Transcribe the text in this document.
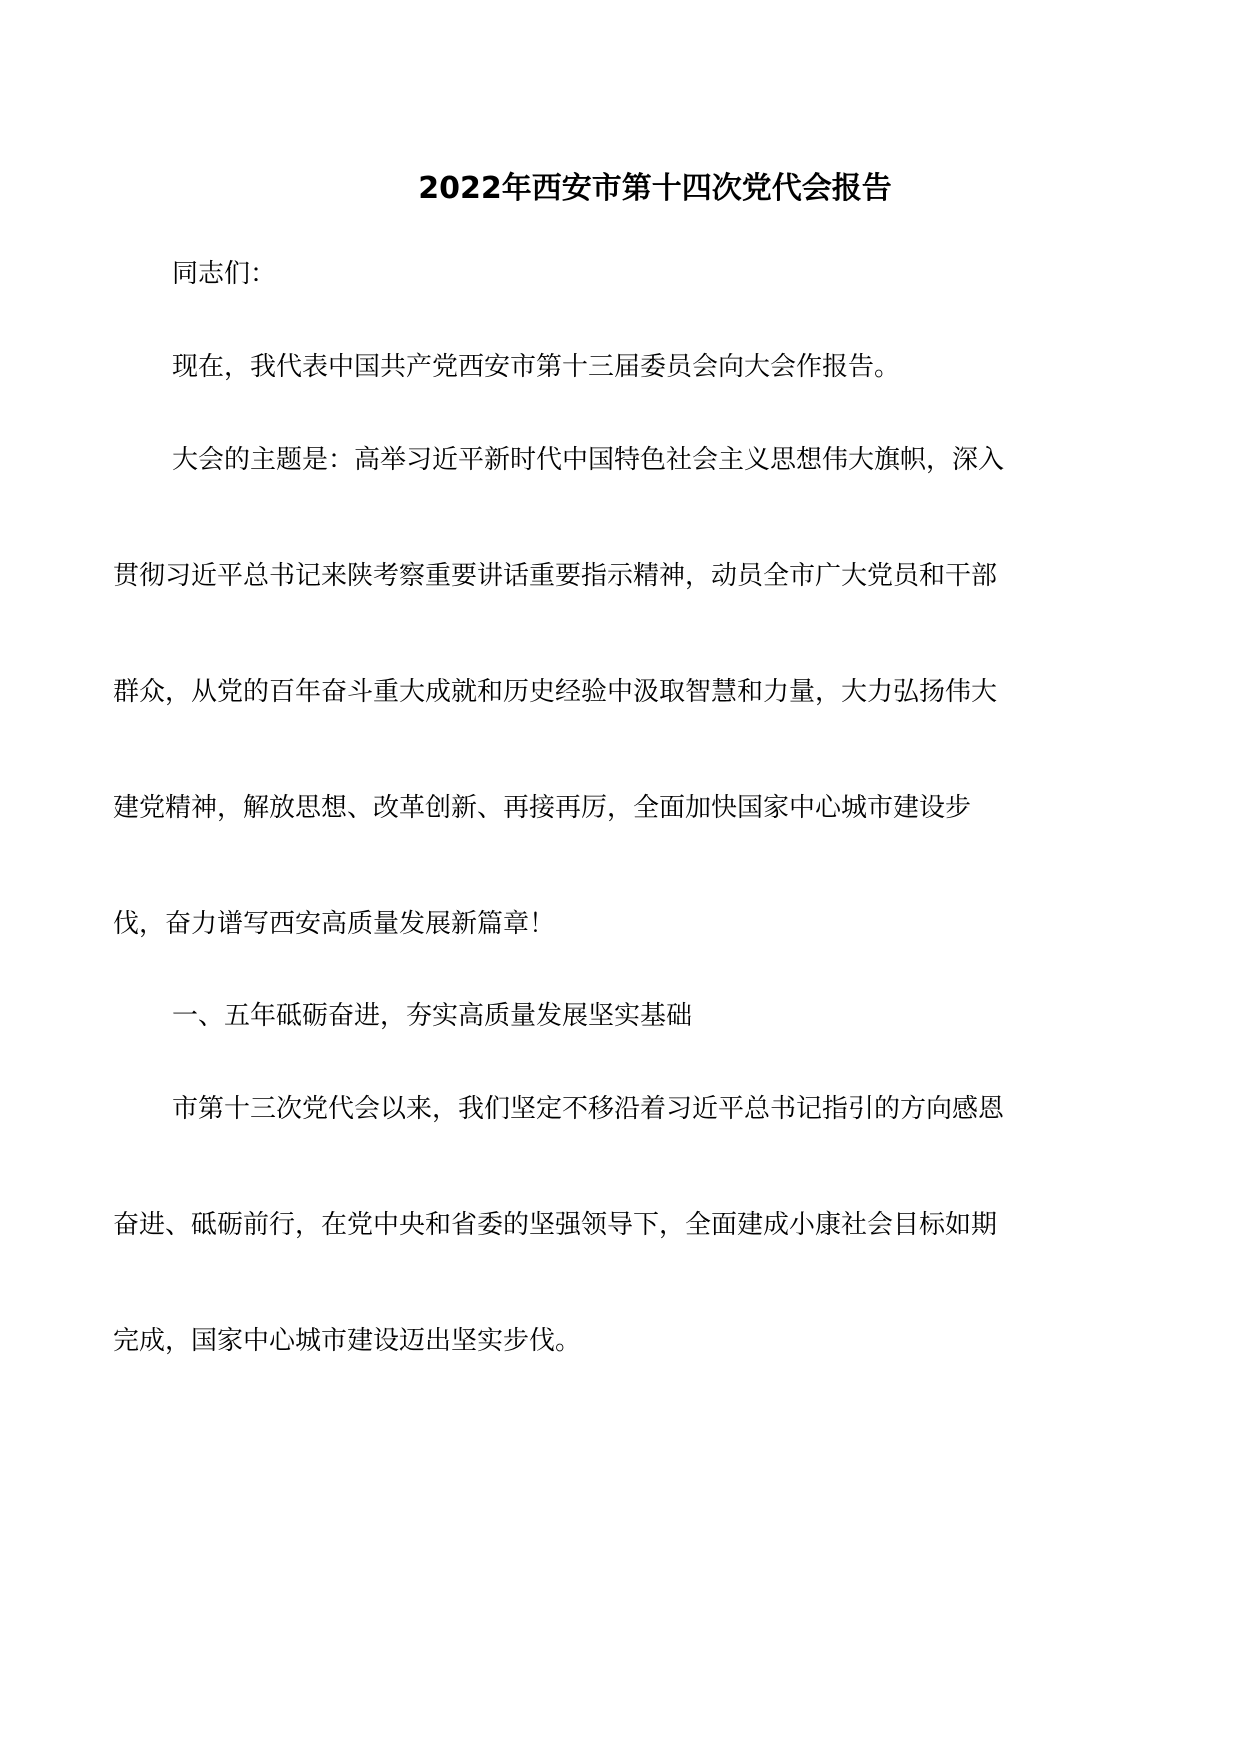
2022年西安市第十四次党代会报告
同志们：
现在，我代表中国共产党西安市第十三届委员会向大会作报告。
大会的主题是：高举习近平新时代中国特色社会主义思想伟大旗帜，深入
贯彻习近平总书记来陕考察重要讲话重要指示精神，动员全市广大党员和干部
群众，从党的百年奋斗重大成就和历史经验中汲取智慧和力量，大力弘扬伟大
建党精神，解放思想、改革创新、再接再厉，全面加快国家中心城市建设步
伐，奋力谱写西安高质量发展新篇章！
一、五年砥砺奋进，夯实高质量发展坚实基础
市第十三次党代会以来，我们坚定不移沿着习近平总书记指引的方向感恩
奋进、砥砺前行，在党中央和省委的坚强领导下，全面建成小康社会目标如期
完成，国家中心城市建设迈出坚实步伐。
